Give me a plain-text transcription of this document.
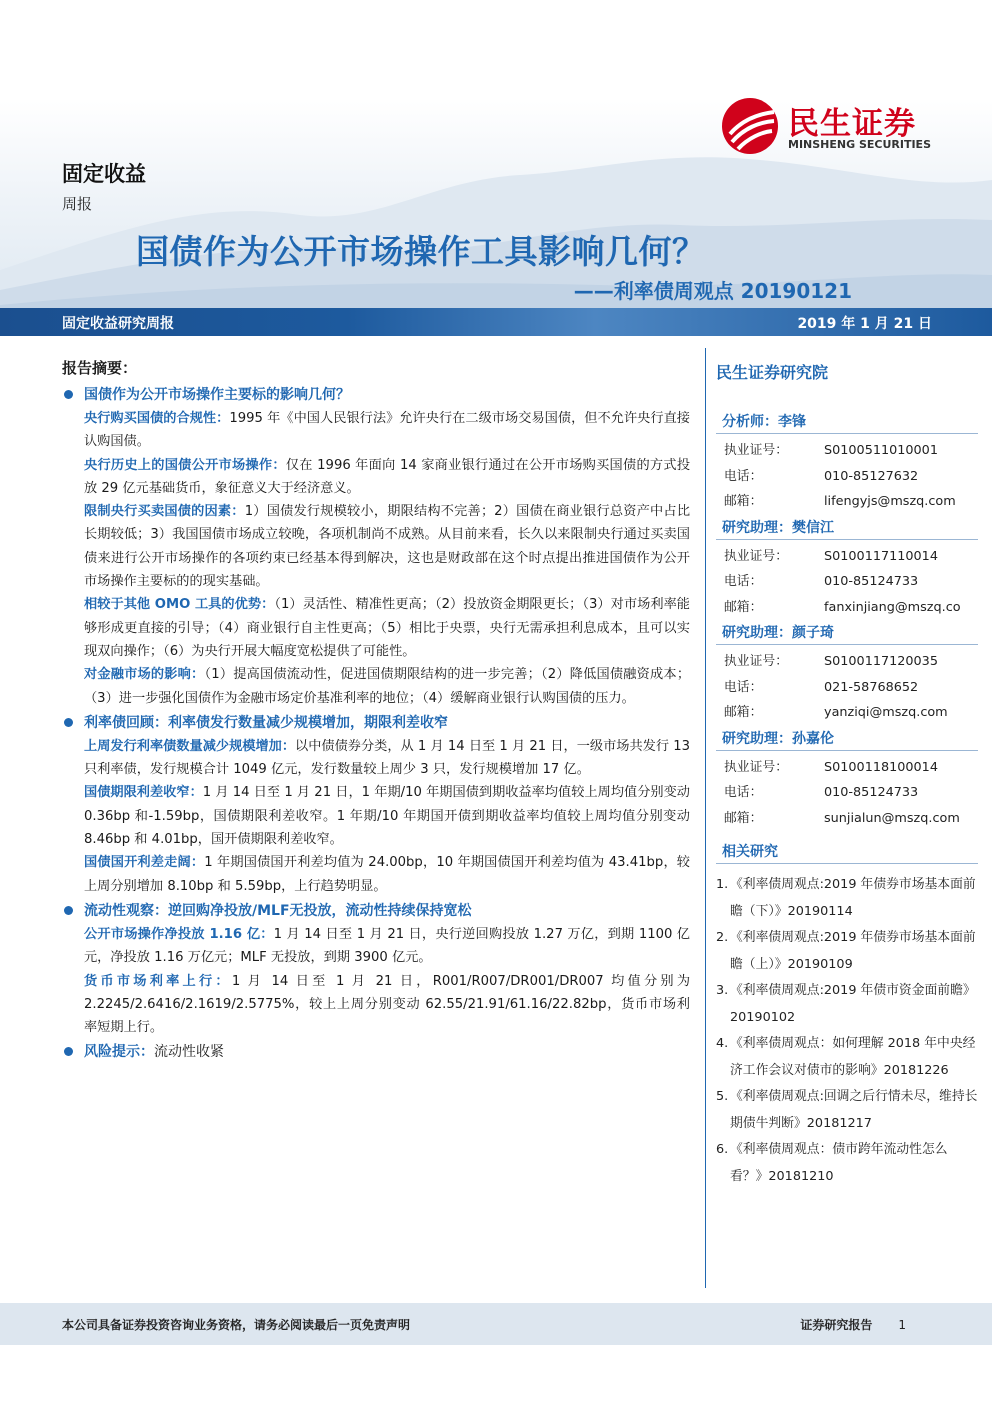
民生证券
MINSHENG SECURITIES
固定收益
周报
国债作为公开市场操作工具影响几何？
——利率债周观点 20190121
固定收益研究周报	2019 年 1 月 21 日
报告摘要：
国债作为公开市场操作主要标的影响几何？
央行购买国债的合规性：1995 年《中国人民银行法》允许央行在二级市场交易国债，但不允许央行直接认购国债。
央行历史上的国债公开市场操作：仅在 1996 年面向 14 家商业银行通过在公开市场购买国债的方式投放 29 亿元基础货币，象征意义大于经济意义。
限制央行买卖国债的因素：1）国债发行规模较小，期限结构不完善；2）国债在商业银行总资产中占比长期较低；3）我国国债市场成立较晚，各项机制尚不成熟。从目前来看，长久以来限制央行通过买卖国债来进行公开市场操作的各项约束已经基本得到解决，这也是财政部在这个时点提出推进国债作为公开市场操作主要标的的现实基础。
相较于其他 OMO 工具的优势：（1）灵活性、精准性更高；（2）投放资金期限更长；（3）对市场利率能够形成更直接的引导；（4）商业银行自主性更高；（5）相比于央票，央行无需承担利息成本，且可以实现双向操作；（6）为央行开展大幅度宽松提供了可能性。
对金融市场的影响：（1）提高国债流动性，促进国债期限结构的进一步完善；（2）降低国债融资成本；（3）进一步强化国债作为金融市场定价基准利率的地位；（4）缓解商业银行认购国债的压力。
利率债回顾：利率债发行数量减少规模增加，期限利差收窄
上周发行利率债数量减少规模增加：以中债债券分类，从 1 月 14 日至 1 月 21 日，一级市场共发行 13 只利率债，发行规模合计 1049 亿元，发行数量较上周少 3 只，发行规模增加 17 亿。
国债期限利差收窄：1 月 14 日至 1 月 21 日，1 年期/10 年期国债到期收益率均值较上周均值分别变动 0.36bp 和-1.59bp，国债期限利差收窄。1 年期/10 年期国开债到期收益率均值较上周均值分别变动 8.46bp 和 4.01bp，国开债期限利差收窄。
国债国开利差走阔：1 年期国债国开利差均值为 24.00bp，10 年期国债国开利差均值为 43.41bp，较上周分别增加 8.10bp 和 5.59bp，上行趋势明显。
流动性观察：逆回购净投放/MLF无投放，流动性持续保持宽松
公开市场操作净投放 1.16 亿：1 月 14 日至 1 月 21 日，央行逆回购投放 1.27 万亿，到期 1100 亿元，净投放 1.16 万亿元；MLF 无投放，到期 3900 亿元。
货币市场利率上行：1 月 14 日至 1 月 21 日，R001/R007/DR001/DR007 均值分别为 2.2245/2.6416/2.1619/2.5775%，较上上周分别变动 62.55/21.91/61.16/22.82bp，货币市场利率短期上行。
风险提示：流动性收紧
民生证券研究院
分析师：李锋
执业证号：	S0100511010001
电话：	010-85127632
邮箱：	lifengyjs@mszq.com
研究助理：樊信江
执业证号：	S0100117110014
电话：	010-85124733
邮箱：	fanxinjiang@mszq.co
研究助理：颜子琦
执业证号：	S0100117120035
电话：	021-58768652
邮箱：	yanziqi@mszq.com
研究助理：孙嘉伦
执业证号：	S0100118100014
电话：	010-85124733
邮箱：	sunjialun@mszq.com
相关研究
1. 《利率债周观点:2019 年债券市场基本面前瞻（下）》20190114
2. 《利率债周观点:2019 年债券市场基本面前瞻（上）》20190109
3. 《利率债周观点:2019 年债市资金面前瞻》20190102
4. 《利率债周观点：如何理解 2018 年中央经济工作会议对债市的影响》20181226
5. 《利率债周观点:回调之后行情未尽，维持长期债牛判断》20181217
6. 《利率债周观点：债市跨年流动性怎么看？》20181210
本公司具备证券投资咨询业务资格，请务必阅读最后一页免责声明	证券研究报告 1
